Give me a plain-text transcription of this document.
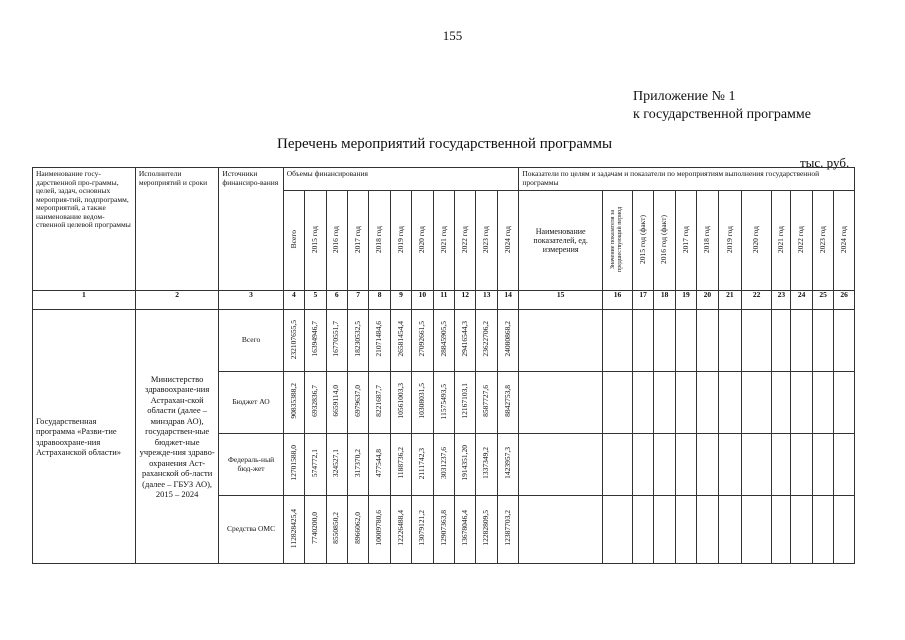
155
Приложение № 1
к государственной программе
Перечень мероприятий государственной программы
тыс. руб.
Наименование госу-дарственной про-граммы, целей, задач, основных мероприя-тий, подпрограмм, мероприятий, а также наименование ведом-ственной целевой программы	Исполнители мероприятий и сроки	Источники финансиро-вания	Объемы финансирования											Показатели по целям и задачам и показатели по мероприятиям выполнения государственной программы											
			Всего	2015 год	2016 год	2017 год	2018 год	2019 год	2020 год	2021 год	2022 год	2023 год	2024 год	Наименование показателей, ед. измерения	Значение показателя за предшествующий период	2015 год (факт)	2016 год (факт)	2017 год	2018 год	2019 год	2020 год	2021 год	2022 год	2023 год	2024 год
1	2	3	4	5	6	7	8	9	10	11	12	13	14	15	16	17	18	19	20	21	22	23	24	25	26
Государственная программа «Разви-тие здравоохране-ния Астраханской области»	Министерство здравоохране-ния Астрахан-ской области (далее – минздрав АО), государствен-ные бюджет-ные учрежде-ния здраво-охранения Аст-раханской об-ласти (далее – ГБУЗ АО), 2015 – 2024	Всего	232107655,5	16394946,7	16770551,7	18230532,5	21071484,6	26581454,4	27092661,5	28845905,5	29416544,3	23622706,2	24080868,2												
		Бюджет АО	90835388,2	6932836,7	6659114,0	6979637,0	8221687,7	10561003,3	10308031,5	11575493,5	12167103,1	8587727,6	8842753,8												
		Федераль-ный бюд-жет	12701588,0	574772,1	324527,1	317370,2	477544,8	1188736,2	2111742,3	3031237,6	1914351,20	1337349,2	1423957,3												
		Средства ОМС	112828425,4	7740200,0	8550850,2	8966062,0	10009780,6	12226488,4	13079121,2	12907363,8	13678046,4	12282809,5	12387703,2												
